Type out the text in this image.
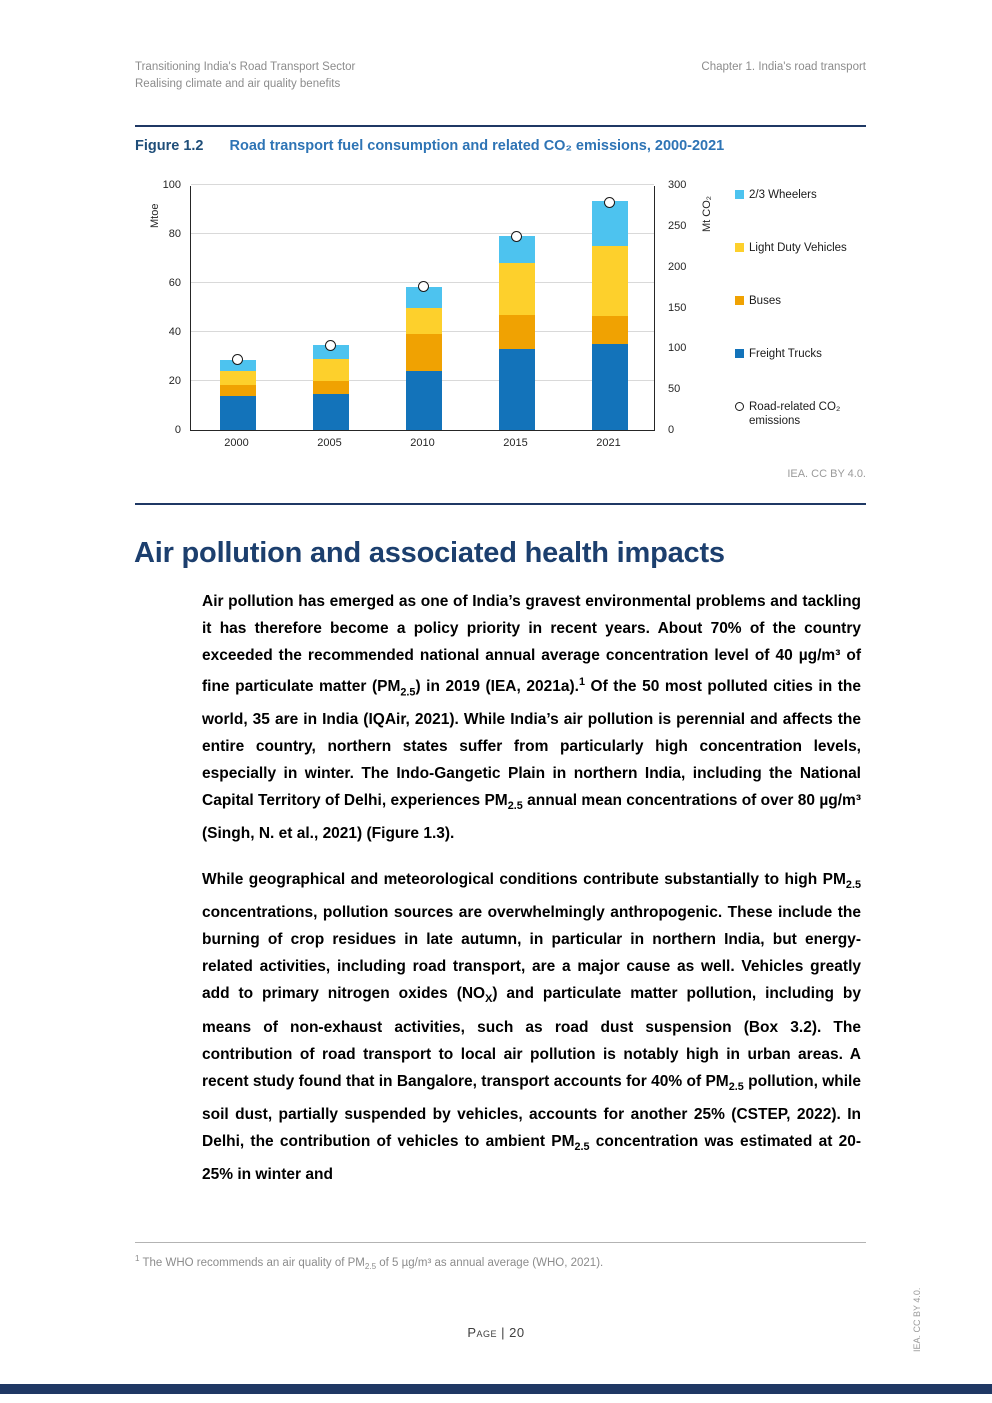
Transitioning India's Road Transport Sector
Realising climate and air quality benefits
Chapter 1. India's road transport
Figure 1.2 Road transport fuel consumption and related CO₂ emissions, 2000-2021
Mtoe	Mt CO₂
0
20
40
60
80
100
0
50
100
150
200
250
300
2000	2005	2010	2015	2021
2/3 Wheelers
Light Duty Vehicles
Buses
Freight Trucks
Road-related CO₂ emissions
IEA. CC BY 4.0.
Air pollution and associated health impacts

Air pollution has emerged as one of India’s gravest environmental problems and tackling it has therefore become a policy priority in recent years. About 70% of the country exceeded the recommended national annual average concentration level of 40 µg/m³ of fine particulate matter $(PM_{2.5})$ in 2019 (IEA, 2021a).$^1$ Of the 50 most polluted cities in the world, 35 are in India (IQAir, 2021). While India’s air pollution is perennial and affects the entire country, northern states suffer from particularly high concentration levels, especially in winter. The Indo-Gangetic Plain in northern India, including the National Capital Territory of Delhi, experiences $PM_{2.5}$ annual mean concentrations of over 80 µg/m³ (Singh, N. et al., 2021) (Figure 1.3).

While geographical and meteorological conditions contribute substantially to high $PM_{2.5}$ concentrations, pollution sources are overwhelmingly anthropogenic. These include the burning of crop residues in late autumn, in particular in northern India, but energy-related activities, including road transport, are a major cause as well. Vehicles greatly add to primary nitrogen oxides $(NO_X)$ and particulate matter pollution, including by means of non-exhaust activities, such as road dust suspension (Box 3.2). The contribution of road transport to local air pollution is notably high in urban areas. A recent study found that in Bangalore, transport accounts for 40% of $PM_{2.5}$ pollution, while soil dust, partially suspended by vehicles, accounts for another 25% (CSTEP, 2022). In Delhi, the contribution of vehicles to ambient $PM_{2.5}$ concentration was estimated at 20-25% in winter and

$^1$ The WHO recommends an air quality of $PM_{2.5}$ of 5 µg/m³ as annual average (WHO, 2021).
Page | 20	IEA. CC BY 4.0.
